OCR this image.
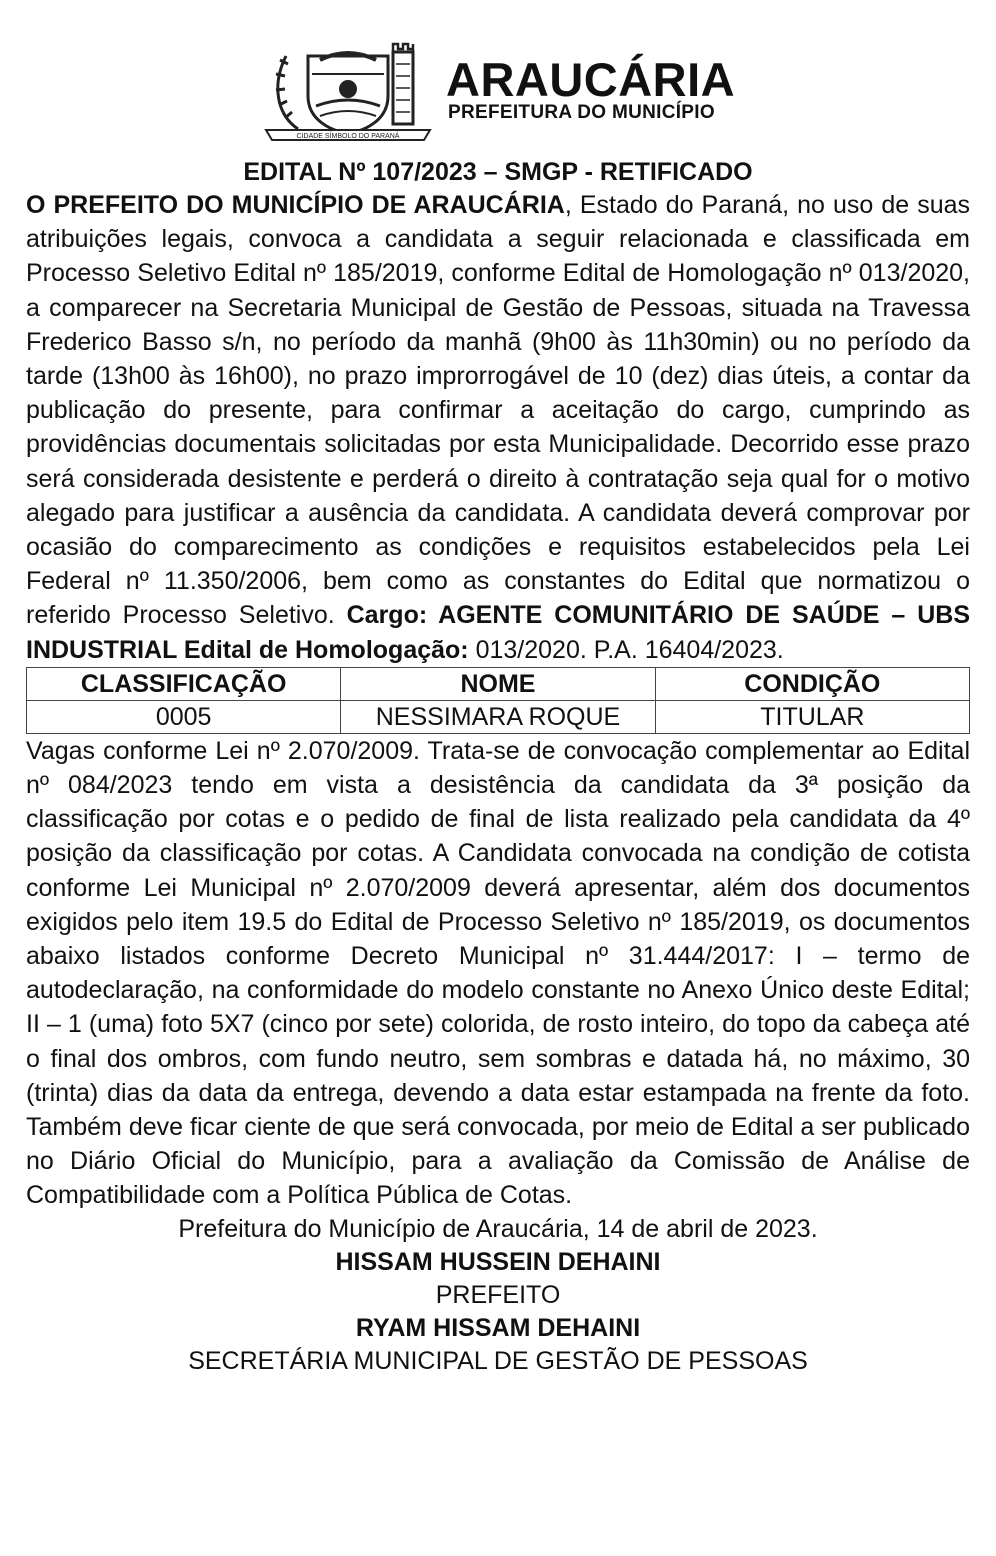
CIDADE SÍMBOLO DO PARANÁ
ARAUCÁRIA
PREFEITURA DO MUNICÍPIO
EDITAL Nº 107/2023 – SMGP - RETIFICADO

O PREFEITO DO MUNICÍPIO DE ARAUCÁRIA, Estado do Paraná, no uso de suas atribuições legais, convoca a candidata a seguir relacionada e classificada em Processo Seletivo Edital nº 185/2019, conforme Edital de Homologação nº 013/2020, a comparecer na Secretaria Municipal de Gestão de Pessoas, situada na Travessa Frederico Basso s/n, no período da manhã (9h00 às 11h30min) ou no período da tarde (13h00 às 16h00), no prazo improrrogável de 10 (dez) dias úteis, a contar da publicação do presente, para confirmar a aceitação do cargo, cumprindo as providências documentais solicitadas por esta Municipalidade. Decorrido esse prazo será considerada desistente e perderá o direito à contratação seja qual for o motivo alegado para justificar a ausência da candidata. A candidata deverá comprovar por ocasião do comparecimento as condições e requisitos estabelecidos pela Lei Federal nº 11.350/2006, bem como as constantes do Edital que normatizou o referido Processo Seletivo. Cargo: AGENTE COMUNITÁRIO DE SAÚDE – UBS INDUSTRIAL Edital de Homologação: 013/2020. P.A. 16404/2023.

CLASSIFICAÇÃO	NOME	CONDIÇÃO
0005	NESSIMARA ROQUE	TITULAR

Vagas conforme Lei nº 2.070/2009. Trata-se de convocação complementar ao Edital nº 084/2023 tendo em vista a desistência da candidata da 3ª posição da classificação por cotas e o pedido de final de lista realizado pela candidata da 4º posição da classificação por cotas. A Candidata convocada na condição de cotista conforme Lei Municipal nº 2.070/2009 deverá apresentar, além dos documentos exigidos pelo item 19.5 do Edital de Processo Seletivo nº 185/2019, os documentos abaixo listados conforme Decreto Municipal nº 31.444/2017: I – termo de autodeclaração, na conformidade do modelo constante no Anexo Único deste Edital; II – 1 (uma) foto 5X7 (cinco por sete) colorida, de rosto inteiro, do topo da cabeça até o final dos ombros, com fundo neutro, sem sombras e datada há, no máximo, 30 (trinta) dias da data da entrega, devendo a data estar estampada na frente da foto. Também deve ficar ciente de que será convocada, por meio de Edital a ser publicado no Diário Oficial do Município, para a avaliação da Comissão de Análise de Compatibilidade com a Política Pública de Cotas.

Prefeitura do Município de Araucária, 14 de abril de 2023.
HISSAM HUSSEIN DEHAINI
PREFEITO
RYAM HISSAM DEHAINI
SECRETÁRIA MUNICIPAL DE GESTÃO DE PESSOAS
